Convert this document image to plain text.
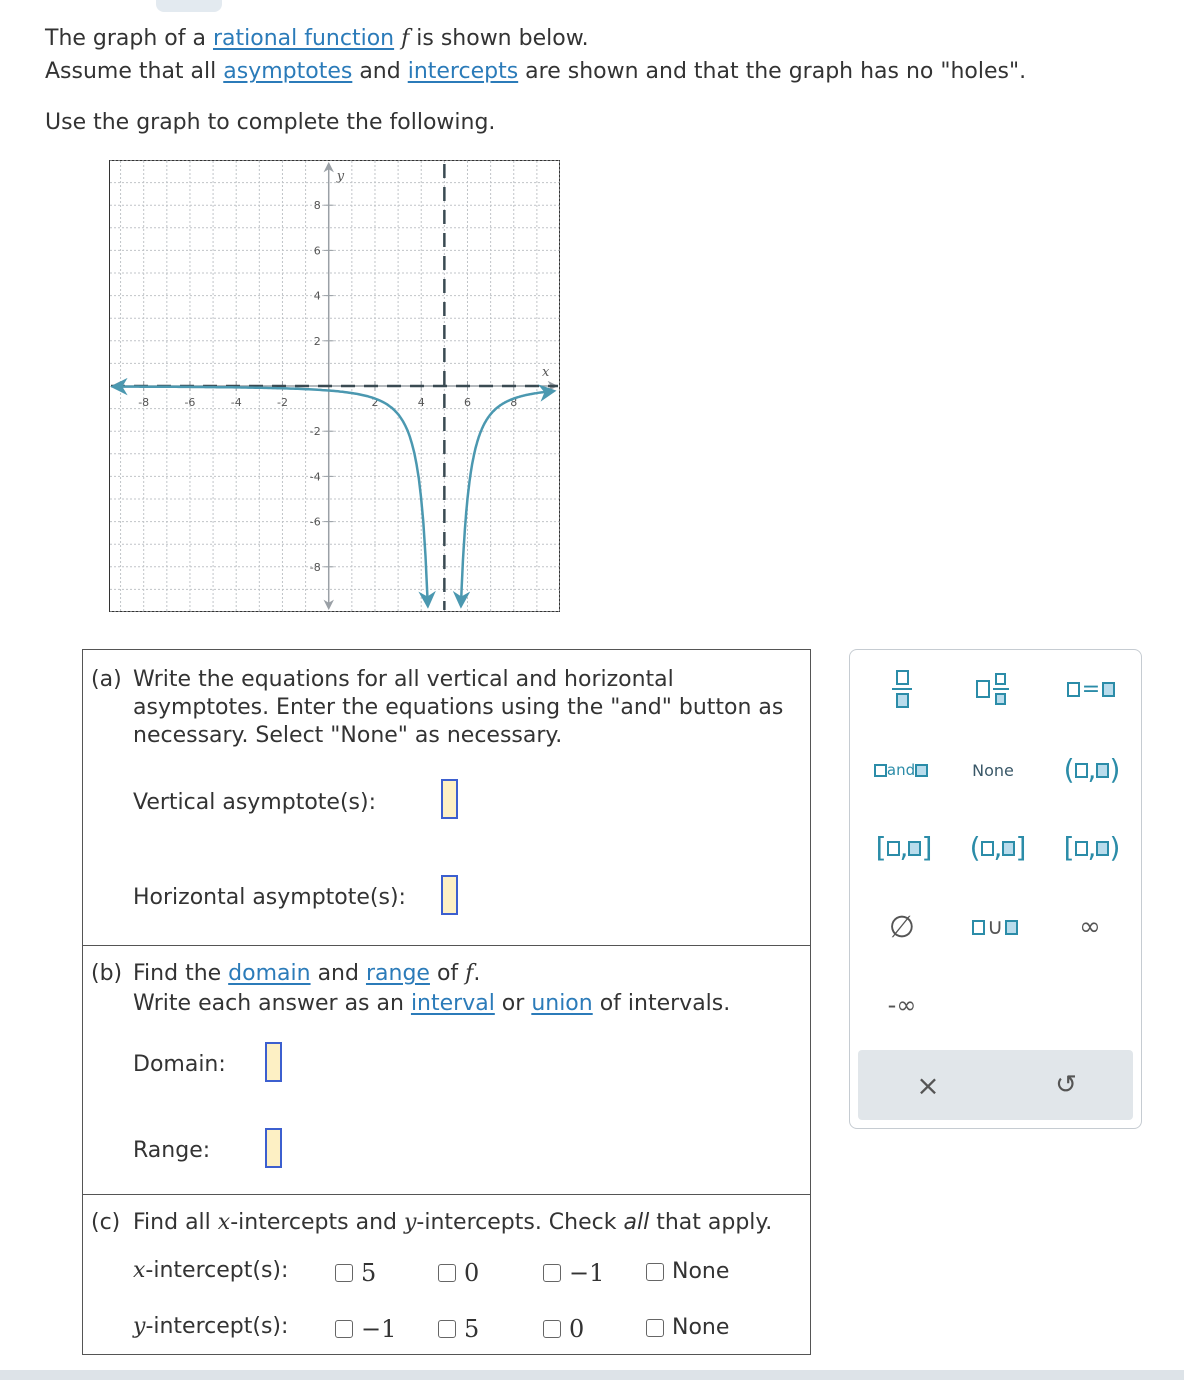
The graph of a rational function f is shown below.

Assume that all asymptotes and intercepts are shown and that the graph has no "holes".

Use the graph to complete the following.
-8	-6	-4	-2	2	4	6	8
8
6
4
2
-2
-4
-6
-8
x
y
(a) Write the equations for all vertical and horizontal
asymptotes. Enter the equations using the "and" button as
necessary. Select "None" as necessary.
Vertical asymptote(s):
Horizontal asymptote(s):
(b) Find the domain and range of f.
Write each answer as an interval or union of intervals.
Domain:
Range:
(c) Find all x-intercepts and y-intercepts. Check all that apply.
x-intercept(s):	5	0	−1	None
y-intercept(s):	−1	5	0	None
=
and	None	( , )
[ , ] ( , ] [ , )
∅	∪	∞
-∞
×	↺
